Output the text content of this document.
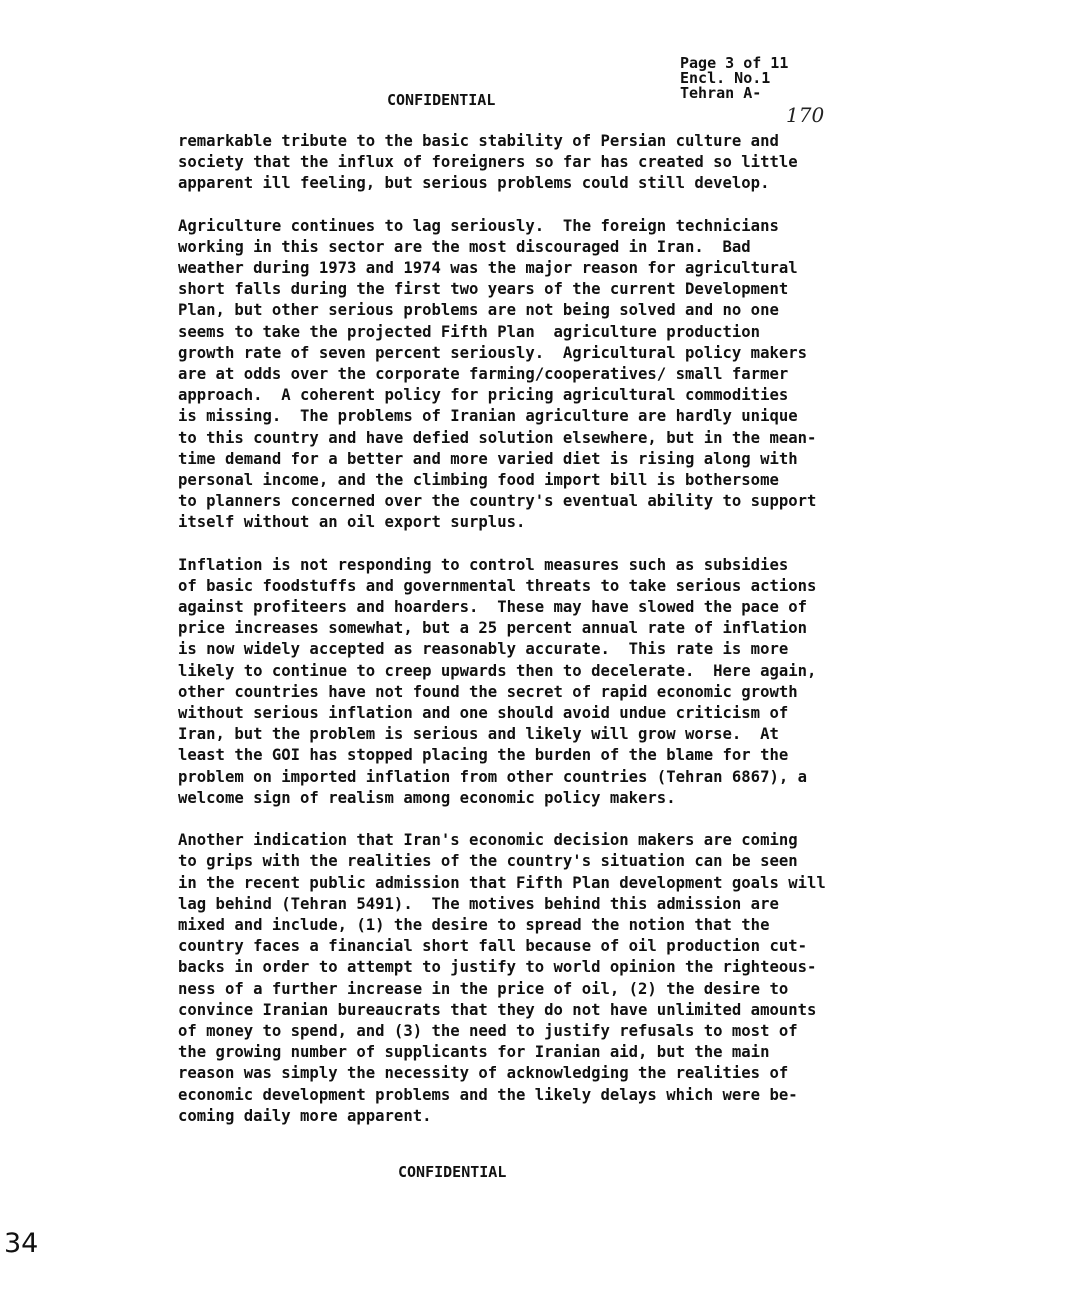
Page 3 of 11
Encl. No.1
Tehran A-
170
CONFIDENTIAL
remarkable tribute to the basic stability of Persian culture and
society that the influx of foreigners so far has created so little
apparent ill feeling, but serious problems could still develop.
Agriculture continues to lag seriously.  The foreign technicians
working in this sector are the most discouraged in Iran.  Bad
weather during 1973 and 1974 was the major reason for agricultural
short falls during the first two years of the current Development
Plan, but other serious problems are not being solved and no one
seems to take the projected Fifth Plan  agriculture production
growth rate of seven percent seriously.  Agricultural policy makers
are at odds over the corporate farming/cooperatives/ small farmer
approach.  A coherent policy for pricing agricultural commodities
is missing.  The problems of Iranian agriculture are hardly unique
to this country and have defied solution elsewhere, but in the mean-
time demand for a better and more varied diet is rising along with
personal income, and the climbing food import bill is bothersome
to planners concerned over the country's eventual ability to support
itself without an oil export surplus.
Inflation is not responding to control measures such as subsidies
of basic foodstuffs and governmental threats to take serious actions
against profiteers and hoarders.  These may have slowed the pace of
price increases somewhat, but a 25 percent annual rate of inflation
is now widely accepted as reasonably accurate.  This rate is more
likely to continue to creep upwards then to decelerate.  Here again,
other countries have not found the secret of rapid economic growth
without serious inflation and one should avoid undue criticism of
Iran, but the problem is serious and likely will grow worse.  At
least the GOI has stopped placing the burden of the blame for the
problem on imported inflation from other countries (Tehran 6867), a
welcome sign of realism among economic policy makers.
Another indication that Iran's economic decision makers are coming
to grips with the realities of the country's situation can be seen
in the recent public admission that Fifth Plan development goals will
lag behind (Tehran 5491).  The motives behind this admission are
mixed and include, (1) the desire to spread the notion that the
country faces a financial short fall because of oil production cut-
backs in order to attempt to justify to world opinion the righteous-
ness of a further increase in the price of oil, (2) the desire to
convince Iranian bureaucrats that they do not have unlimited amounts
of money to spend, and (3) the need to justify refusals to most of
the growing number of supplicants for Iranian aid, but the main
reason was simply the necessity of acknowledging the realities of
economic development problems and the likely delays which were be-
coming daily more apparent.
CONFIDENTIAL
34
